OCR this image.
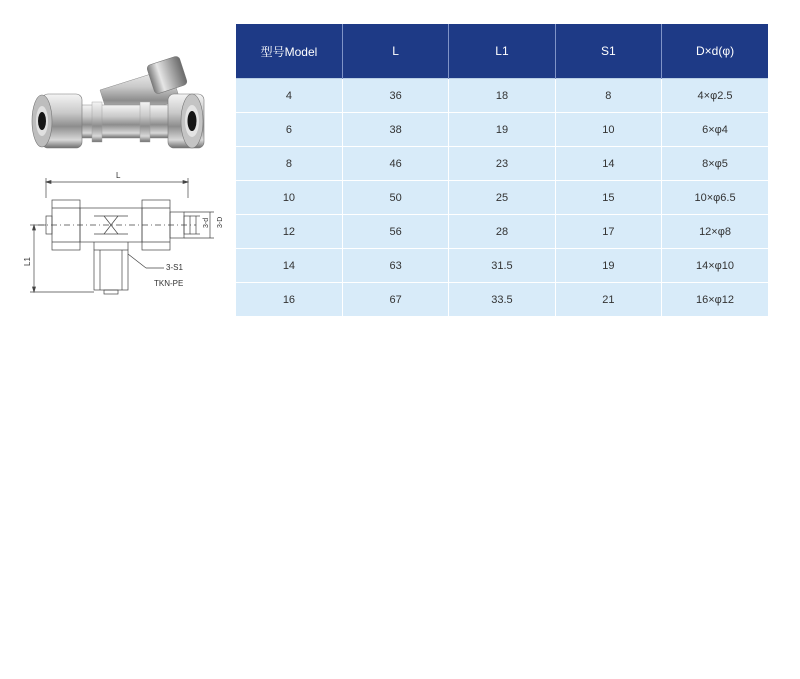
L
L1
3-d 3-D
3-S1
TKN-PE
型号Model	L	L1	S1	D×d(φ)
4	36	18	8	4×φ2.5
6	38	19	10	6×φ4
8	46	23	14	8×φ5
10	50	25	15	10×φ6.5
12	56	28	17	12×φ8
14	63	31.5	19	14×φ10
16	67	33.5	21	16×φ12
